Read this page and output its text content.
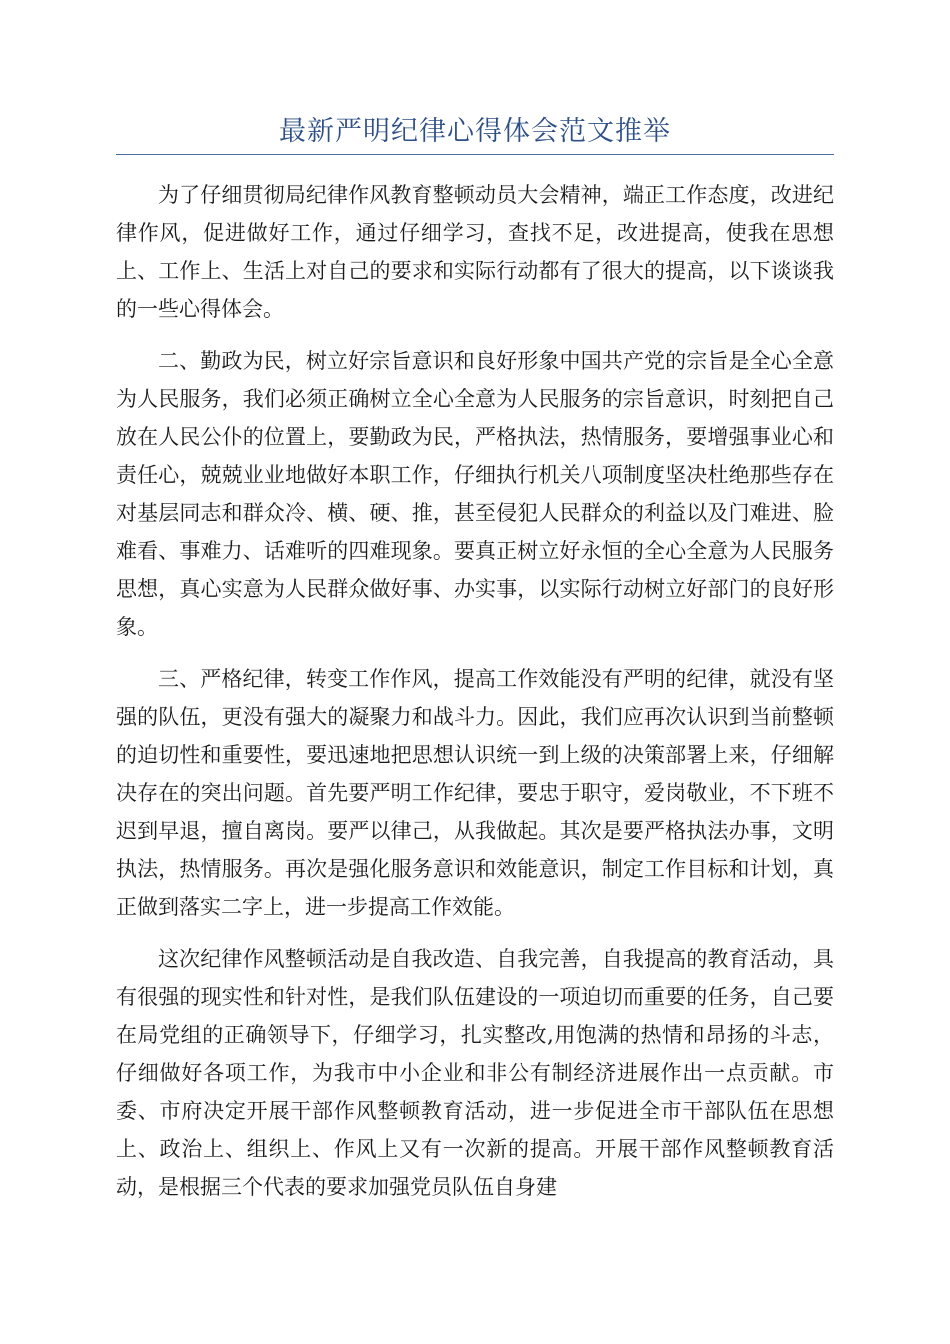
最新严明纪律心得体会范文推举

为了仔细贯彻局纪律作风教育整顿动员大会精神，端正工作态度，改进纪律作风，促进做好工作，通过仔细学习，查找不足，改进提高，使我在思想上、工作上、生活上对自己的要求和实际行动都有了很大的提高，以下谈谈我的一些心得体会。

二、勤政为民，树立好宗旨意识和良好形象中国共产党的宗旨是全心全意为人民服务，我们必须正确树立全心全意为人民服务的宗旨意识，时刻把自己放在人民公仆的位置上，要勤政为民，严格执法，热情服务，要增强事业心和责任心，兢兢业业地做好本职工作，仔细执行机关八项制度坚决杜绝那些存在对基层同志和群众冷、横、硬、推，甚至侵犯人民群众的利益以及门难进、脸难看、事难力、话难听的四难现象。要真正树立好永恒的全心全意为人民服务思想，真心实意为人民群众做好事、办实事，以实际行动树立好部门的良好形象。

三、严格纪律，转变工作作风，提高工作效能没有严明的纪律，就没有坚强的队伍，更没有强大的凝聚力和战斗力。因此，我们应再次认识到当前整顿的迫切性和重要性，要迅速地把思想认识统一到上级的决策部署上来，仔细解决存在的突出问题。首先要严明工作纪律，要忠于职守，爱岗敬业，不下班不迟到早退，擅自离岗。要严以律己，从我做起。其次是要严格执法办事，文明执法，热情服务。再次是强化服务意识和效能意识，制定工作目标和计划，真正做到落实二字上，进一步提高工作效能。

这次纪律作风整顿活动是自我改造、自我完善，自我提高的教育活动，具有很强的现实性和针对性，是我们队伍建设的一项迫切而重要的任务，自己要在局党组的正确领导下，仔细学习，扎实整改,用饱满的热情和昂扬的斗志，仔细做好各项工作，为我市中小企业和非公有制经济进展作出一点贡献。市委、市府决定开展干部作风整顿教育活动，进一步促进全市干部队伍在思想上、政治上、组织上、作风上又有一次新的提高。开展干部作风整顿教育活动，是根据三个代表的要求加强党员队伍自身建
